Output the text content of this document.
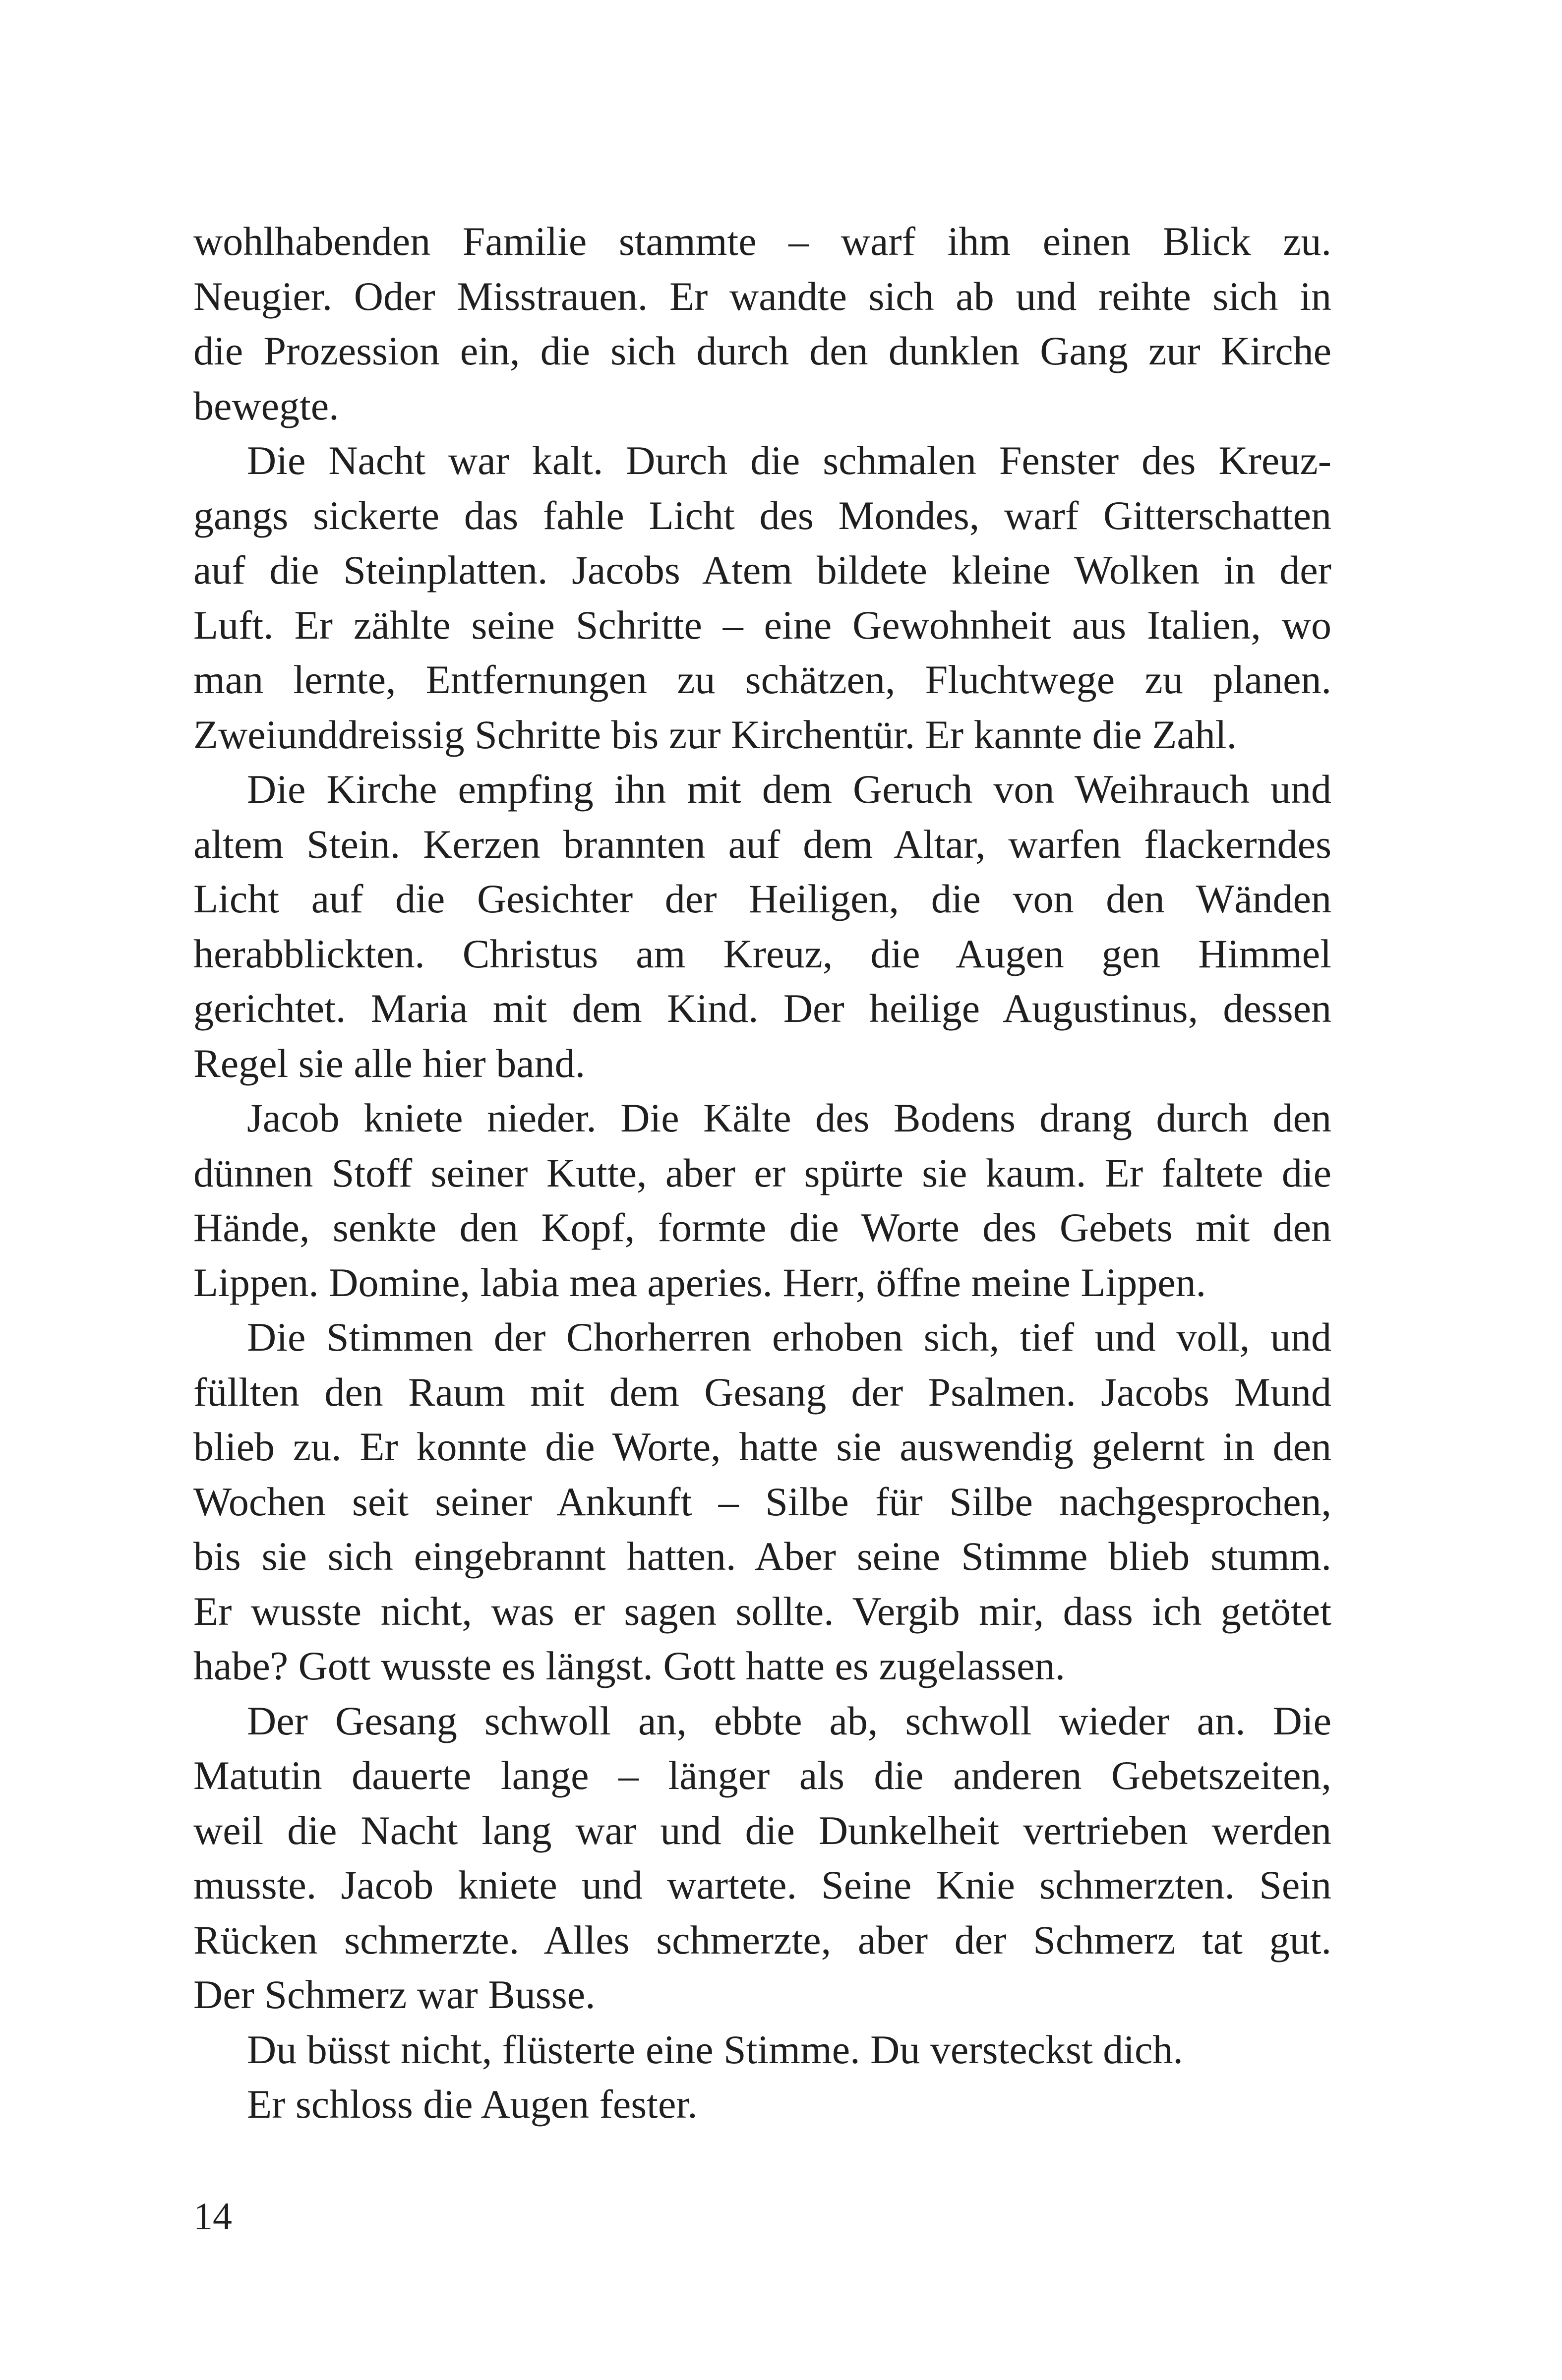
wohlhabenden Familie stammte – warf ihm einen Blick zu.
Neugier. Oder Misstrauen. Er wandte sich ab und reihte sich in
die Prozession ein, die sich durch den dunklen Gang zur Kirche
bewegte.
Die Nacht war kalt. Durch die schmalen Fenster des Kreuz-
gangs sickerte das fahle Licht des Mondes, warf Gitterschatten
auf die Steinplatten. Jacobs Atem bildete kleine Wolken in der
Luft. Er zählte seine Schritte – eine Gewohnheit aus Italien, wo
man lernte, Entfernungen zu schätzen, Fluchtwege zu planen.
Zweiunddreissig Schritte bis zur Kirchentür. Er kannte die Zahl.
Die Kirche empfing ihn mit dem Geruch von Weihrauch und
altem Stein. Kerzen brannten auf dem Altar, warfen flackerndes
Licht auf die Gesichter der Heiligen, die von den Wänden
herabblickten. Christus am Kreuz, die Augen gen Himmel
gerichtet. Maria mit dem Kind. Der heilige Augustinus, dessen
Regel sie alle hier band.
Jacob kniete nieder. Die Kälte des Bodens drang durch den
dünnen Stoff seiner Kutte, aber er spürte sie kaum. Er faltete die
Hände, senkte den Kopf, formte die Worte des Gebets mit den
Lippen. Domine, labia mea aperies. Herr, öffne meine Lippen.
Die Stimmen der Chorherren erhoben sich, tief und voll, und
füllten den Raum mit dem Gesang der Psalmen. Jacobs Mund
blieb zu. Er konnte die Worte, hatte sie auswendig gelernt in den
Wochen seit seiner Ankunft – Silbe für Silbe nachgesprochen,
bis sie sich eingebrannt hatten. Aber seine Stimme blieb stumm.
Er wusste nicht, was er sagen sollte. Vergib mir, dass ich getötet
habe? Gott wusste es längst. Gott hatte es zugelassen.
Der Gesang schwoll an, ebbte ab, schwoll wieder an. Die
Matutin dauerte lange – länger als die anderen Gebetszeiten,
weil die Nacht lang war und die Dunkelheit vertrieben werden
musste. Jacob kniete und wartete. Seine Knie schmerzten. Sein
Rücken schmerzte. Alles schmerzte, aber der Schmerz tat gut.
Der Schmerz war Busse.
Du büsst nicht, flüsterte eine Stimme. Du versteckst dich.
Er schloss die Augen fester.
14
